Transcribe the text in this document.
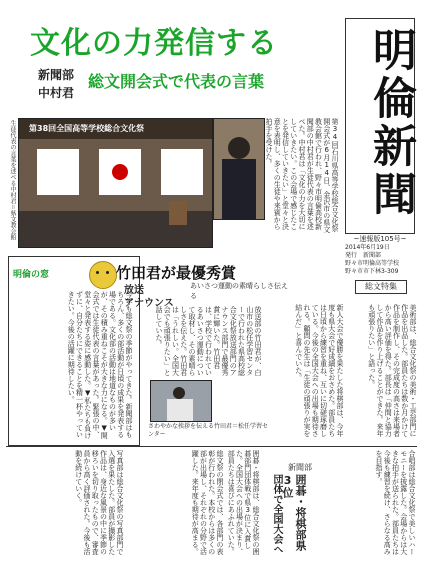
明倫新聞
~速報版105号~
2014年6月19日
発行　新聞部
野々市明倫高等学校
野々市市下林3-309
総文特集
文化の力発信する
新聞部
中村君
総文開会式で代表の言葉
第34回石川県高等学校総合文化祭開会式が6月14日、金沢市の県文教会館で行われ、野々市明倫高校新聞部の中村君が生徒代表の言葉を述べた。中村君は「文化の力を大切にしていきたい。この会場で感じたことを発信していきたい」と堂々と決意を表明し、多くの生徒や来賓から拍手を受けた。
第38回全国高等学校総合文化祭
生徒代表の言葉を述べる中村君＝県文教会館
明倫の窓
今年も総文祭の季節がやってきた。新聞部はもちろん、多くの部活動が日頃の成果を発表する場である。文化部の活動は地道なものが多いが、その積み重ねこそが大きな力になる。▼開会式では生徒代表の言葉があった。緊張の中、堂々と発表する姿に感動した。▼私たちも負けずに、自分たちにできることを精一杯やっていきたい。今後の活躍に期待したい。
竹田君が最優秀賞
放送
アナウンス
あいさつ運動の素晴らしさ伝える
放送部の竹田君が、白山市の松任学習センターで行われた県高校総合文化祭放送部門のアナウンス部門で最優秀賞に輝いた。竹田君は、学校で行われているあいさつ運動について取材し、その素晴らしさを伝えた。竹田君は「うれしい。全国大会でも頑張りたい」と話していた。
さわやかな挨拶を伝える竹田君＝松任学習センター	新人大会で優勝を果たした将棋部は、今年度も県大会で好成績をおさめた。部員たちは日頃から練習を重ね、互いに切磋琢磨している。今後の全国大会への出場も期待される。顧問の先生は「生徒の頑張りが実を結んだ」と喜んでいた。	美術部は、総合文化祭の美術・工芸部門に作品を出品した。部員たちは数か月かけて作品を制作し、その完成度の高さは来場者から高い評価を得た。部長は「仲間と協力して作品を作り上げることができた。来年も頑張りたい」と語った。
写真部は総合文化祭の写真部門で入選を果たした。部員が撮影した作品は、身近な風景の中に季節の移ろいを切り取ったもので、審査員から高く評価された。今後も活動を続けていく。	総文祭の閉会式では、各部門の表彰が行われた。本校からは多くの部が出場し、それぞれの分野で活躍した。来年度も期待が高まる。	新聞部
囲碁・将棋部県3位
団体で全国大会へ
囲碁・将棋部は、総合文化祭の囲碁部門団体戦で県3位に入賞した。全国大会への出場が決まり、部員たちは喜びにあふれていた。	合唱部は総合文化祭で美しいハーモニーを披露した。会場からは大きな拍手が送られた。部員たちは今後も練習を続け、さらなる高みを目指す。
